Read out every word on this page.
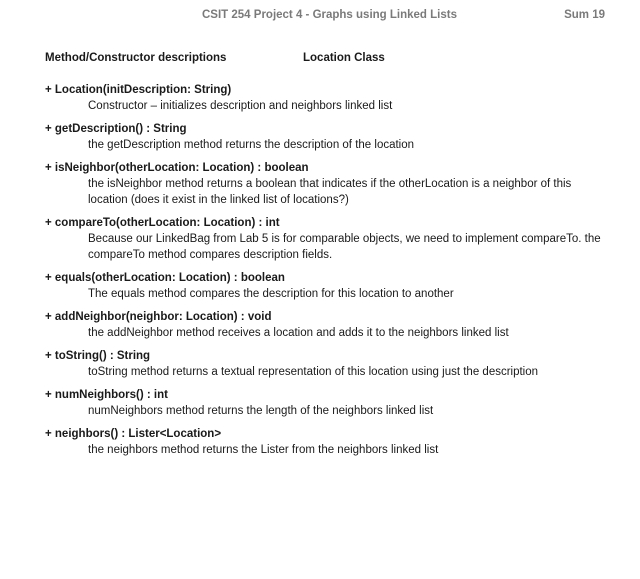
CSIT 254 Project 4 - Graphs using Linked Lists	Sum 19
Method/Constructor descriptions	Location Class
+ Location(initDescription: String)
Constructor – initializes description and neighbors linked list
+ getDescription() : String
the getDescription method returns the description of the location
+ isNeighbor(otherLocation: Location) : boolean
the isNeighbor method returns a boolean that indicates if the otherLocation is a neighbor of this location (does it exist in the linked list of locations?)
+ compareTo(otherLocation: Location) : int
Because our LinkedBag from Lab 5 is for comparable objects, we need to implement compareTo. the compareTo method compares description fields.
+ equals(otherLocation: Location) : boolean
The equals method compares the description for this location to another
+ addNeighbor(neighbor: Location) : void
the addNeighbor method receives a location and adds it to the neighbors linked list
+ toString() : String
toString method returns a textual representation of this location using just the description
+ numNeighbors() : int
numNeighbors method returns the length of the neighbors linked list
+ neighbors() : Lister<Location>
the neighbors method returns the Lister from the neighbors linked list
